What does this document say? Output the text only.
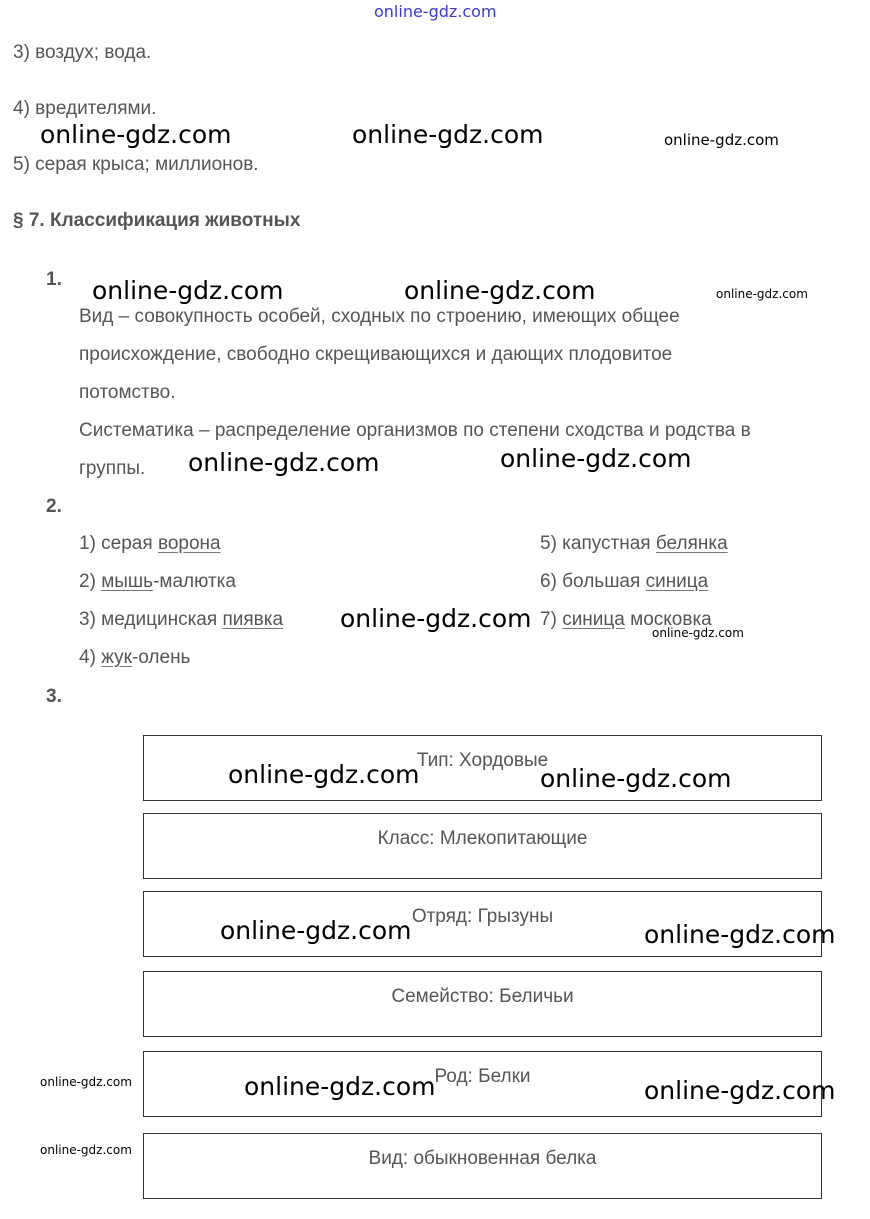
online-gdz.com
3) воздух; вода.
4) вредителями.
5) серая крыса; миллионов.
§ 7. Классификация животных
1.
Вид – совокупность особей, сходных по строению, имеющих общее
происхождение, свободно скрещивающихся и дающих плодовитое
потомство.
Систематика – распределение организмов по степени сходства и родства в
группы.
2.
1) серая ворона
2) мышь-малютка
3) медицинская пиявка
4) жук-олень
5) капустная белянка
6) большая синица
7) синица московка
3.
Тип: Хордовые
Класс: Млекопитающие
Отряд: Грызуны
Семейство: Беличьи
Род: Белки
Вид: обыкновенная белка
online-gdz.com	online-gdz.com	online-gdz.com
online-gdz.com	online-gdz.com	online-gdz.com
online-gdz.com	online-gdz.com
online-gdz.com	online-gdz.com
online-gdz.com	online-gdz.com
online-gdz.com	online-gdz.com
online-gdz.com	online-gdz.com	online-gdz.com
online-gdz.com
